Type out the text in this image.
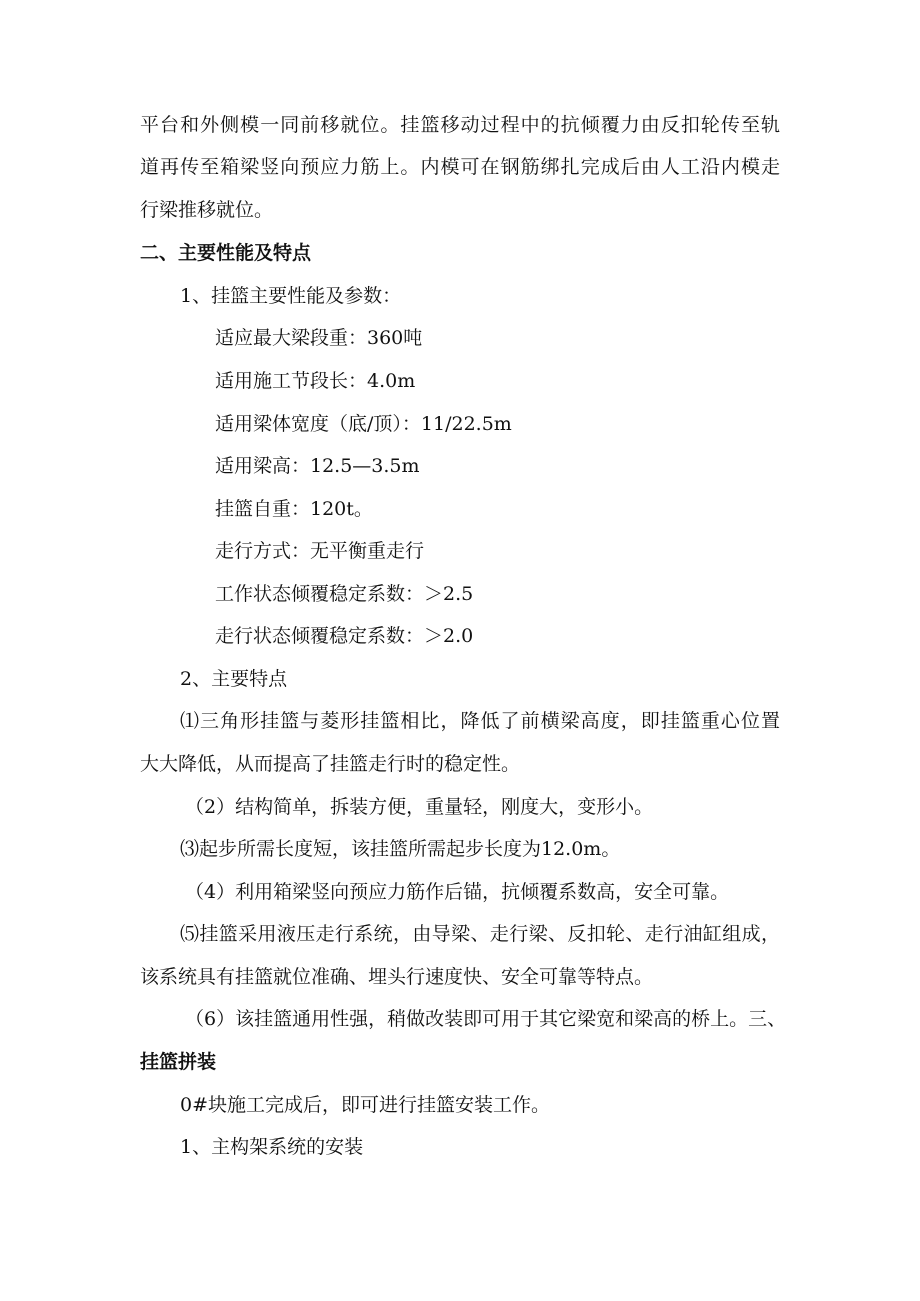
平台和外侧模一同前移就位。挂篮移动过程中的抗倾覆力由反扣轮传至轨
道再传至箱梁竖向预应力筋上。内模可在钢筋绑扎完成后由人工沿内模走
行梁推移就位。
二、主要性能及特点
1、挂篮主要性能及参数：
适应最大梁段重：360吨
适用施工节段长：4.0m
适用梁体宽度（底/顶）：11/22.5m
适用梁高：12.5—3.5m
挂篮自重：120t。
走行方式：无平衡重走行
工作状态倾覆稳定系数：＞2.5
走行状态倾覆稳定系数：＞2.0
2、主要特点
⑴三角形挂篮与菱形挂篮相比，降低了前横梁高度，即挂篮重心位置
大大降低，从而提高了挂篮走行时的稳定性。
（2）结构简单，拆装方便，重量轻，刚度大，变形小。
⑶起步所需长度短，该挂篮所需起步长度为12.0m。
（4）利用箱梁竖向预应力筋作后锚，抗倾覆系数高，安全可靠。
⑸挂篮采用液压走行系统，由导梁、走行梁、反扣轮、走行油缸组成，
该系统具有挂篮就位准确、埋头行速度快、安全可靠等特点。
（6）该挂篮通用性强，稍做改装即可用于其它梁宽和梁高的桥上。三、
挂篮拼装
0#块施工完成后，即可进行挂篮安装工作。
1、主构架系统的安装
